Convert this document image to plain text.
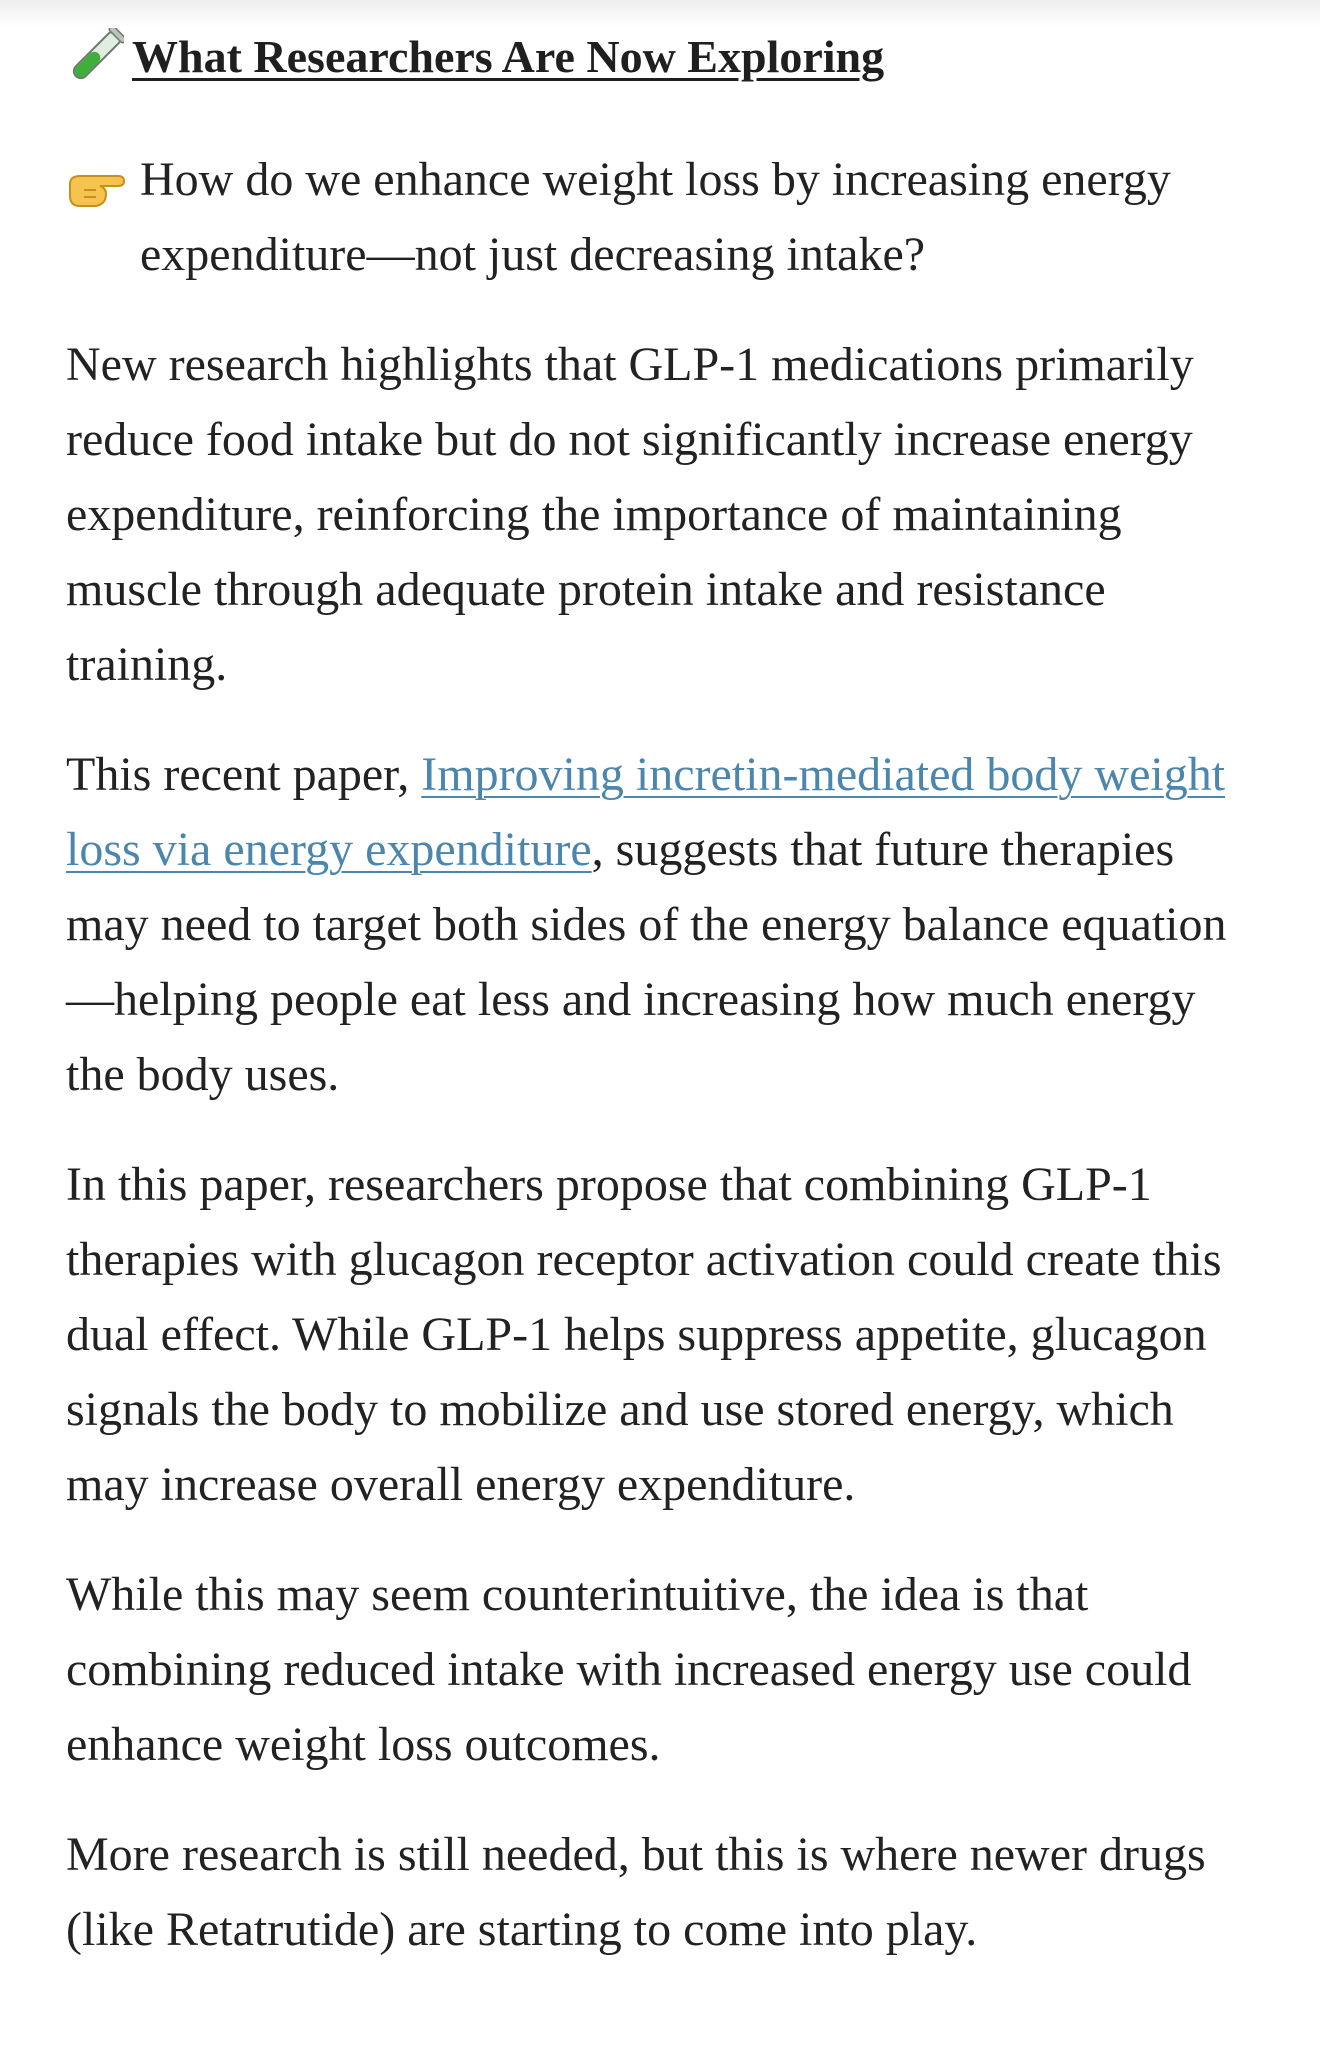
What Researchers Are Now Exploring
How do we enhance weight loss by increasing energy expenditure—not just decreasing intake?

New research highlights that GLP-1 medications primarily reduce food intake but do not significantly increase energy expenditure, reinforcing the importance of maintaining muscle through adequate protein intake and resistance training.

This recent paper, Improving incretin-mediated body weight loss via energy expenditure, suggests that future therapies may need to target both sides of the energy balance equation—helping people eat less and increasing how much energy the body uses.

In this paper, researchers propose that combining GLP-1 therapies with glucagon receptor activation could create this dual effect. While GLP-1 helps suppress appetite, glucagon signals the body to mobilize and use stored energy, which may increase overall energy expenditure.

While this may seem counterintuitive, the idea is that combining reduced intake with increased energy use could enhance weight loss outcomes.

More research is still needed, but this is where newer drugs (like Retatrutide) are starting to come into play.
